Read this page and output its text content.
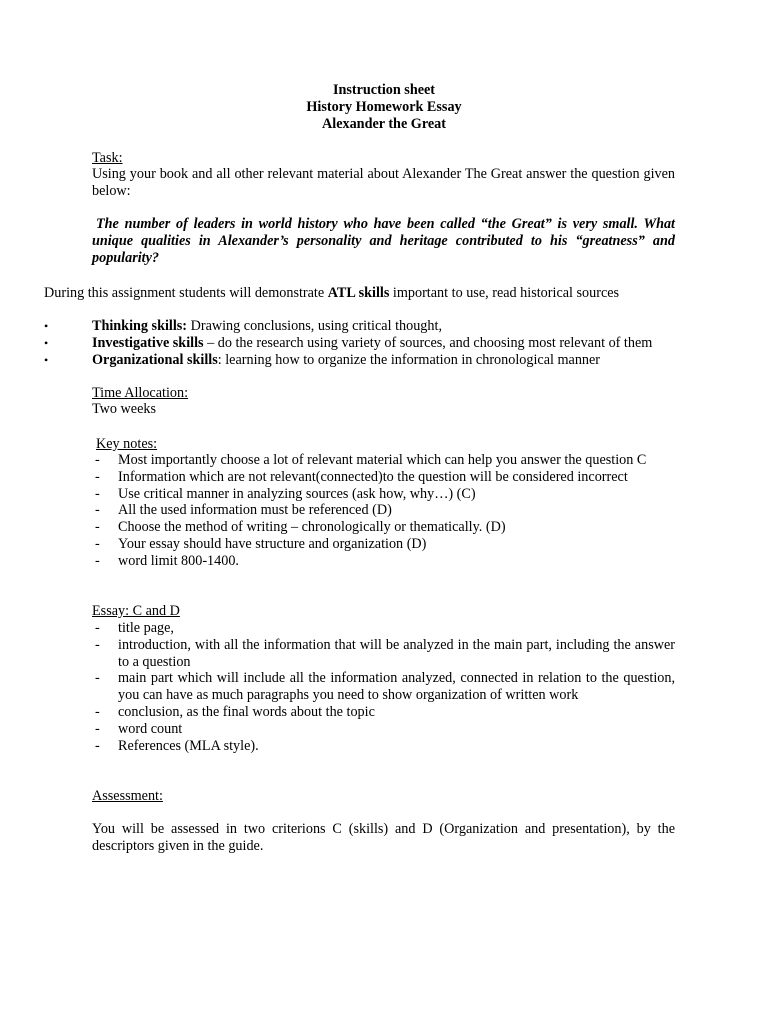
Instruction sheet
History Homework Essay
Alexander the Great
Task:
Using your book and all other relevant material about Alexander The Great answer the question given below:
The number of leaders in world history who have been called “the Great” is very small. What unique qualities in Alexander’s personality and heritage contributed to his “greatness” and popularity?
During this assignment students will demonstrate ATL skills important to use, read historical sources
•	Thinking skills: Drawing conclusions, using critical thought,
•	Investigative skills – do the research using variety of sources, and choosing most relevant of them
•	Organizational skills: learning how to organize the information in chronological manner
Time Allocation:
Two weeks
Key notes:
- Most importantly choose a lot of relevant material which can help you answer the question C
- Information which are not relevant(connected)to the question will be considered incorrect
- Use critical manner in analyzing sources (ask how, why…) (C)
- All the used information must be referenced (D)
- Choose the method of writing – chronologically or thematically. (D)
- Your essay should have structure and organization (D)
- word limit 800-1400.
Essay: C and D
- title page,
- introduction, with all the information that will be analyzed in the main part, including the answer to a question
- main part which will include all the information analyzed, connected in relation to the question, you can have as much paragraphs you need to show organization of written work
- conclusion, as the final words about the topic
- word count
- References (MLA style).
Assessment:
You will be assessed in two criterions C (skills) and D (Organization and presentation), by the descriptors given in the guide.
